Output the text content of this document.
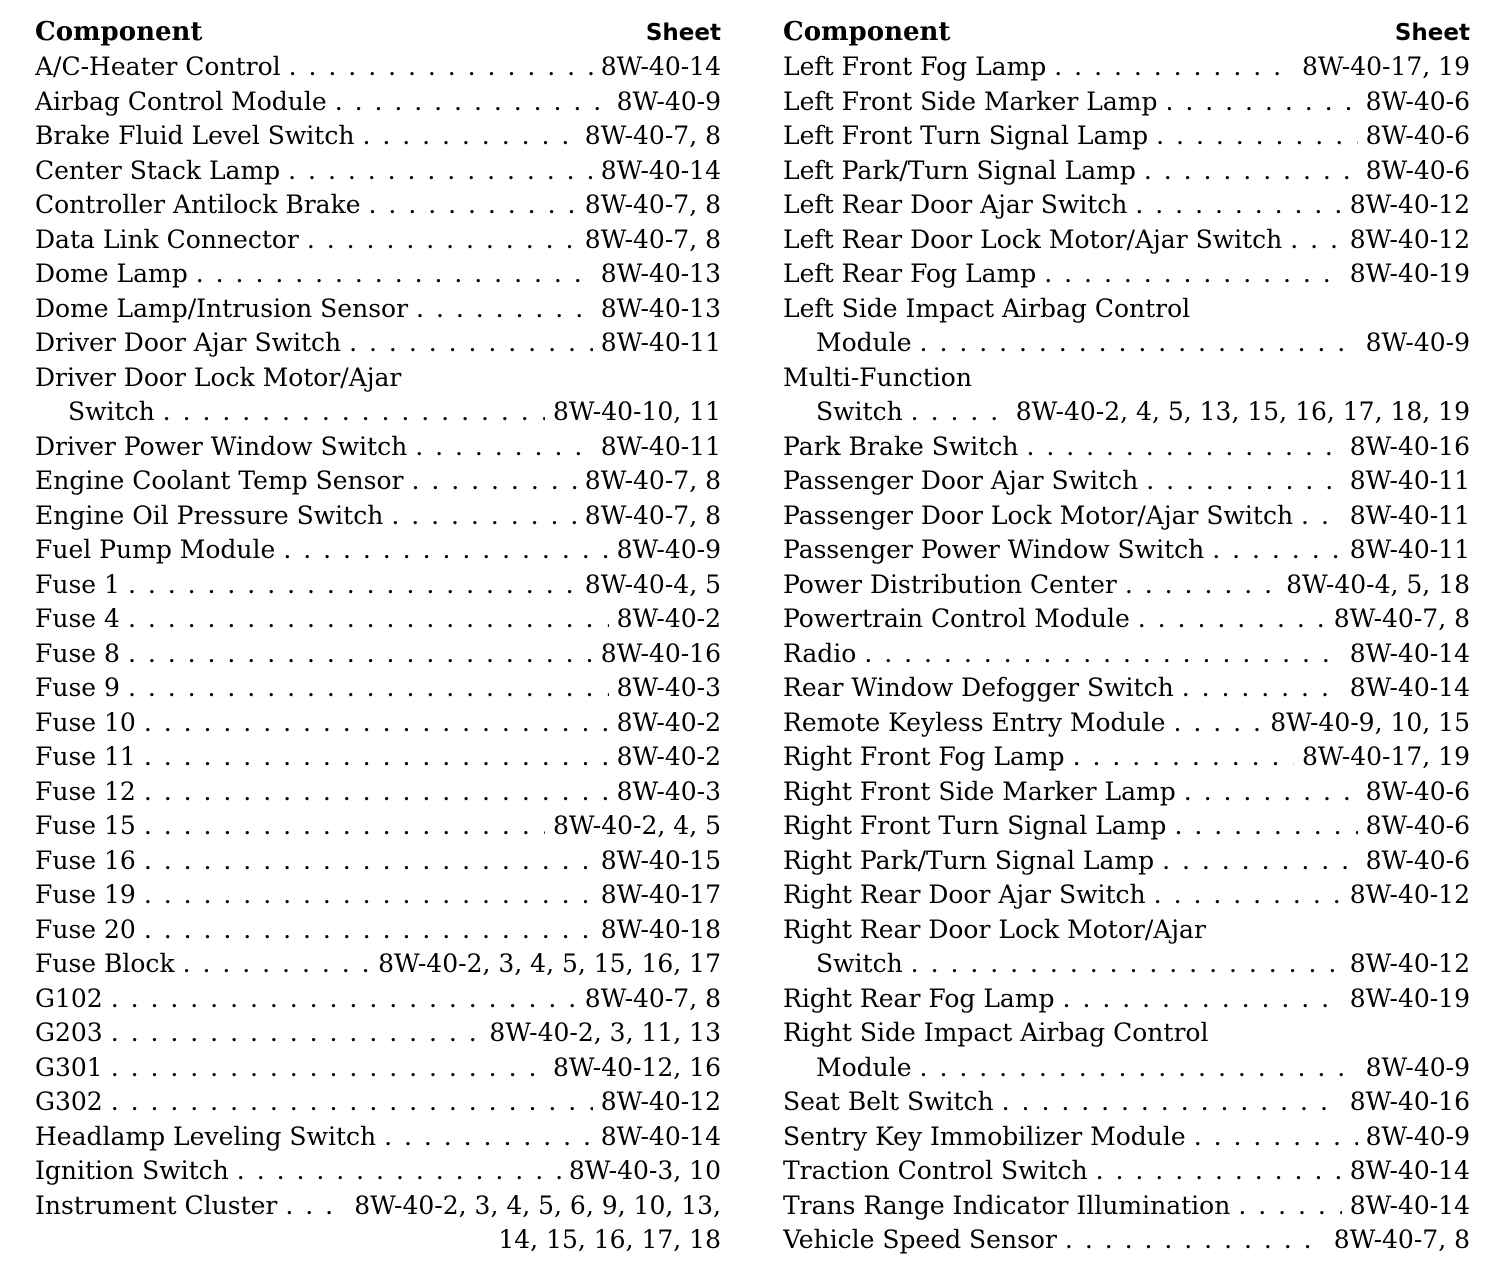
Component	Sheet
A/C-Heater Control . . .	8W-40-14
Airbag Control Module . . .	8W-40-9
Brake Fluid Level Switch . . .	8W-40-7, 8
Center Stack Lamp . . .	8W-40-14
Controller Antilock Brake . . .	8W-40-7, 8
Data Link Connector . . .	8W-40-7, 8
Dome Lamp . . .	8W-40-13
Dome Lamp/Intrusion Sensor . . .	8W-40-13
Driver Door Ajar Switch . . .	8W-40-11
Driver Door Lock Motor/Ajar
Switch . . .	8W-40-10, 11
Driver Power Window Switch . . .	8W-40-11
Engine Coolant Temp Sensor . . .	8W-40-7, 8
Engine Oil Pressure Switch . . .	8W-40-7, 8
Fuel Pump Module . . .	8W-40-9
Fuse 1 . . .	8W-40-4, 5
Fuse 4 . . .	8W-40-2
Fuse 8 . . .	8W-40-16
Fuse 9 . . .	8W-40-3
Fuse 10 . . .	8W-40-2
Fuse 11 . . .	8W-40-2
Fuse 12 . . .	8W-40-3
Fuse 15 . . .	8W-40-2, 4, 5
Fuse 16 . . .	8W-40-15
Fuse 19 . . .	8W-40-17
Fuse 20 . . .	8W-40-18
Fuse Block . . .	8W-40-2, 3, 4, 5, 15, 16, 17
G102 . . .	8W-40-7, 8
G203 . . .	8W-40-2, 3, 11, 13
G301 . . .	8W-40-12, 16
G302 . . .	8W-40-12
Headlamp Leveling Switch . . .	8W-40-14
Ignition Switch . . .	8W-40-3, 10
Instrument Cluster . . .	8W-40-2, 3, 4, 5, 6, 9, 10, 13,
14, 15, 16, 17, 18
Component	Sheet
Left Front Fog Lamp . . .	8W-40-17, 19
Left Front Side Marker Lamp . . .	8W-40-6
Left Front Turn Signal Lamp . . .	8W-40-6
Left Park/Turn Signal Lamp . . .	8W-40-6
Left Rear Door Ajar Switch . . .	8W-40-12
Left Rear Door Lock Motor/Ajar Switch . . .	8W-40-12
Left Rear Fog Lamp . . .	8W-40-19
Left Side Impact Airbag Control
Module . . .	8W-40-9
Multi-Function
Switch . . .	8W-40-2, 4, 5, 13, 15, 16, 17, 18, 19
Park Brake Switch . . .	8W-40-16
Passenger Door Ajar Switch . . .	8W-40-11
Passenger Door Lock Motor/Ajar Switch . . . 8W-40-11
Passenger Power Window Switch . . .	8W-40-11
Power Distribution Center . . .	8W-40-4, 5, 18
Powertrain Control Module . . .	8W-40-7, 8
Radio . . .	8W-40-14
Rear Window Defogger Switch . . .	8W-40-14
Remote Keyless Entry Module . . .	8W-40-9, 10, 15
Right Front Fog Lamp . . .	8W-40-17, 19
Right Front Side Marker Lamp . . .	8W-40-6
Right Front Turn Signal Lamp . . .	8W-40-6
Right Park/Turn Signal Lamp . . .	8W-40-6
Right Rear Door Ajar Switch . . .	8W-40-12
Right Rear Door Lock Motor/Ajar
Switch . . .	8W-40-12
Right Rear Fog Lamp . . .	8W-40-19
Right Side Impact Airbag Control
Module . . .	8W-40-9
Seat Belt Switch . . .	8W-40-16
Sentry Key Immobilizer Module . . .	8W-40-9
Traction Control Switch . . .	8W-40-14
Trans Range Indicator Illumination . . .	8W-40-14
Vehicle Speed Sensor . . .	8W-40-7, 8
